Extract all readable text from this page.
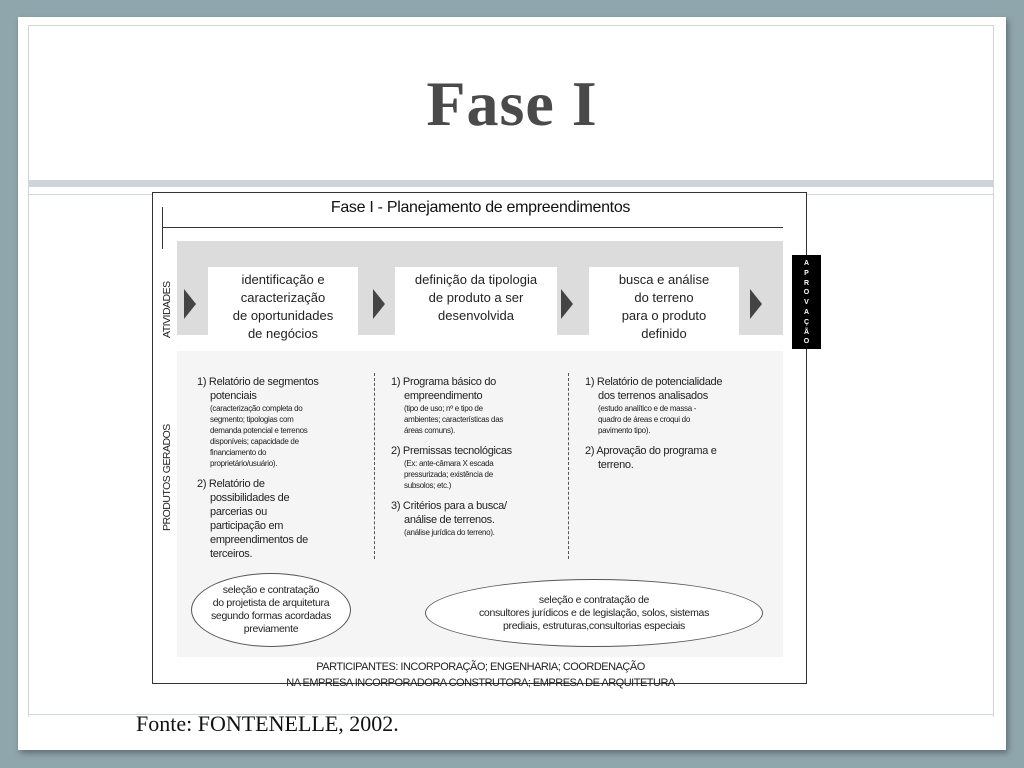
Fase I
Fonte: FONTENELLE, 2002.
Fase I - Planejamento de empreendimentos
ATIVIDADES
PRODUTOS GERADOS
identificação e
caracterização
de oportunidades
de negócios
definição da tipologia
de produto a ser
desenvolvida
busca e análise
do terreno
para o produto
definido
A
P
R
O
V
A
Ç
Ã
O
1) Relatório de segmentos
potenciais
(caracterização completa do
segmento; tipologias com
demanda potencial e terrenos
disponíveis; capacidade de
financiamento do
proprietário/usuário).
2) Relatório de
possibilidades de
parcerias ou
participação em
empreendimentos de
terceiros.
1) Programa básico do
empreendimento
(tipo de uso; nº e tipo de
ambientes; características das
áreas comuns).
2) Premissas tecnológicas
(Ex: ante-câmara X escada
pressurizada; existência de
subsolos; etc.)
3) Critérios para a busca/
análise de terrenos.
(análise jurídica do terreno).
1) Relatório de potencialidade
dos terrenos analisados
(estudo analítico e de massa -
quadro de áreas e croqui do
pavimento tipo).
2) Aprovação do programa e
terreno.
seleção e contratação
do projetista de arquitetura
segundo formas acordadas
previamente
seleção e contratação de
consultores jurídicos e de legislação, solos, sistemas
prediais, estruturas,consultorias especiais
PARTICIPANTES: INCORPORAÇÃO; ENGENHARIA; COORDENAÇÃO
NA EMPRESA INCORPORADORA CONSTRUTORA; EMPRESA DE ARQUITETURA
